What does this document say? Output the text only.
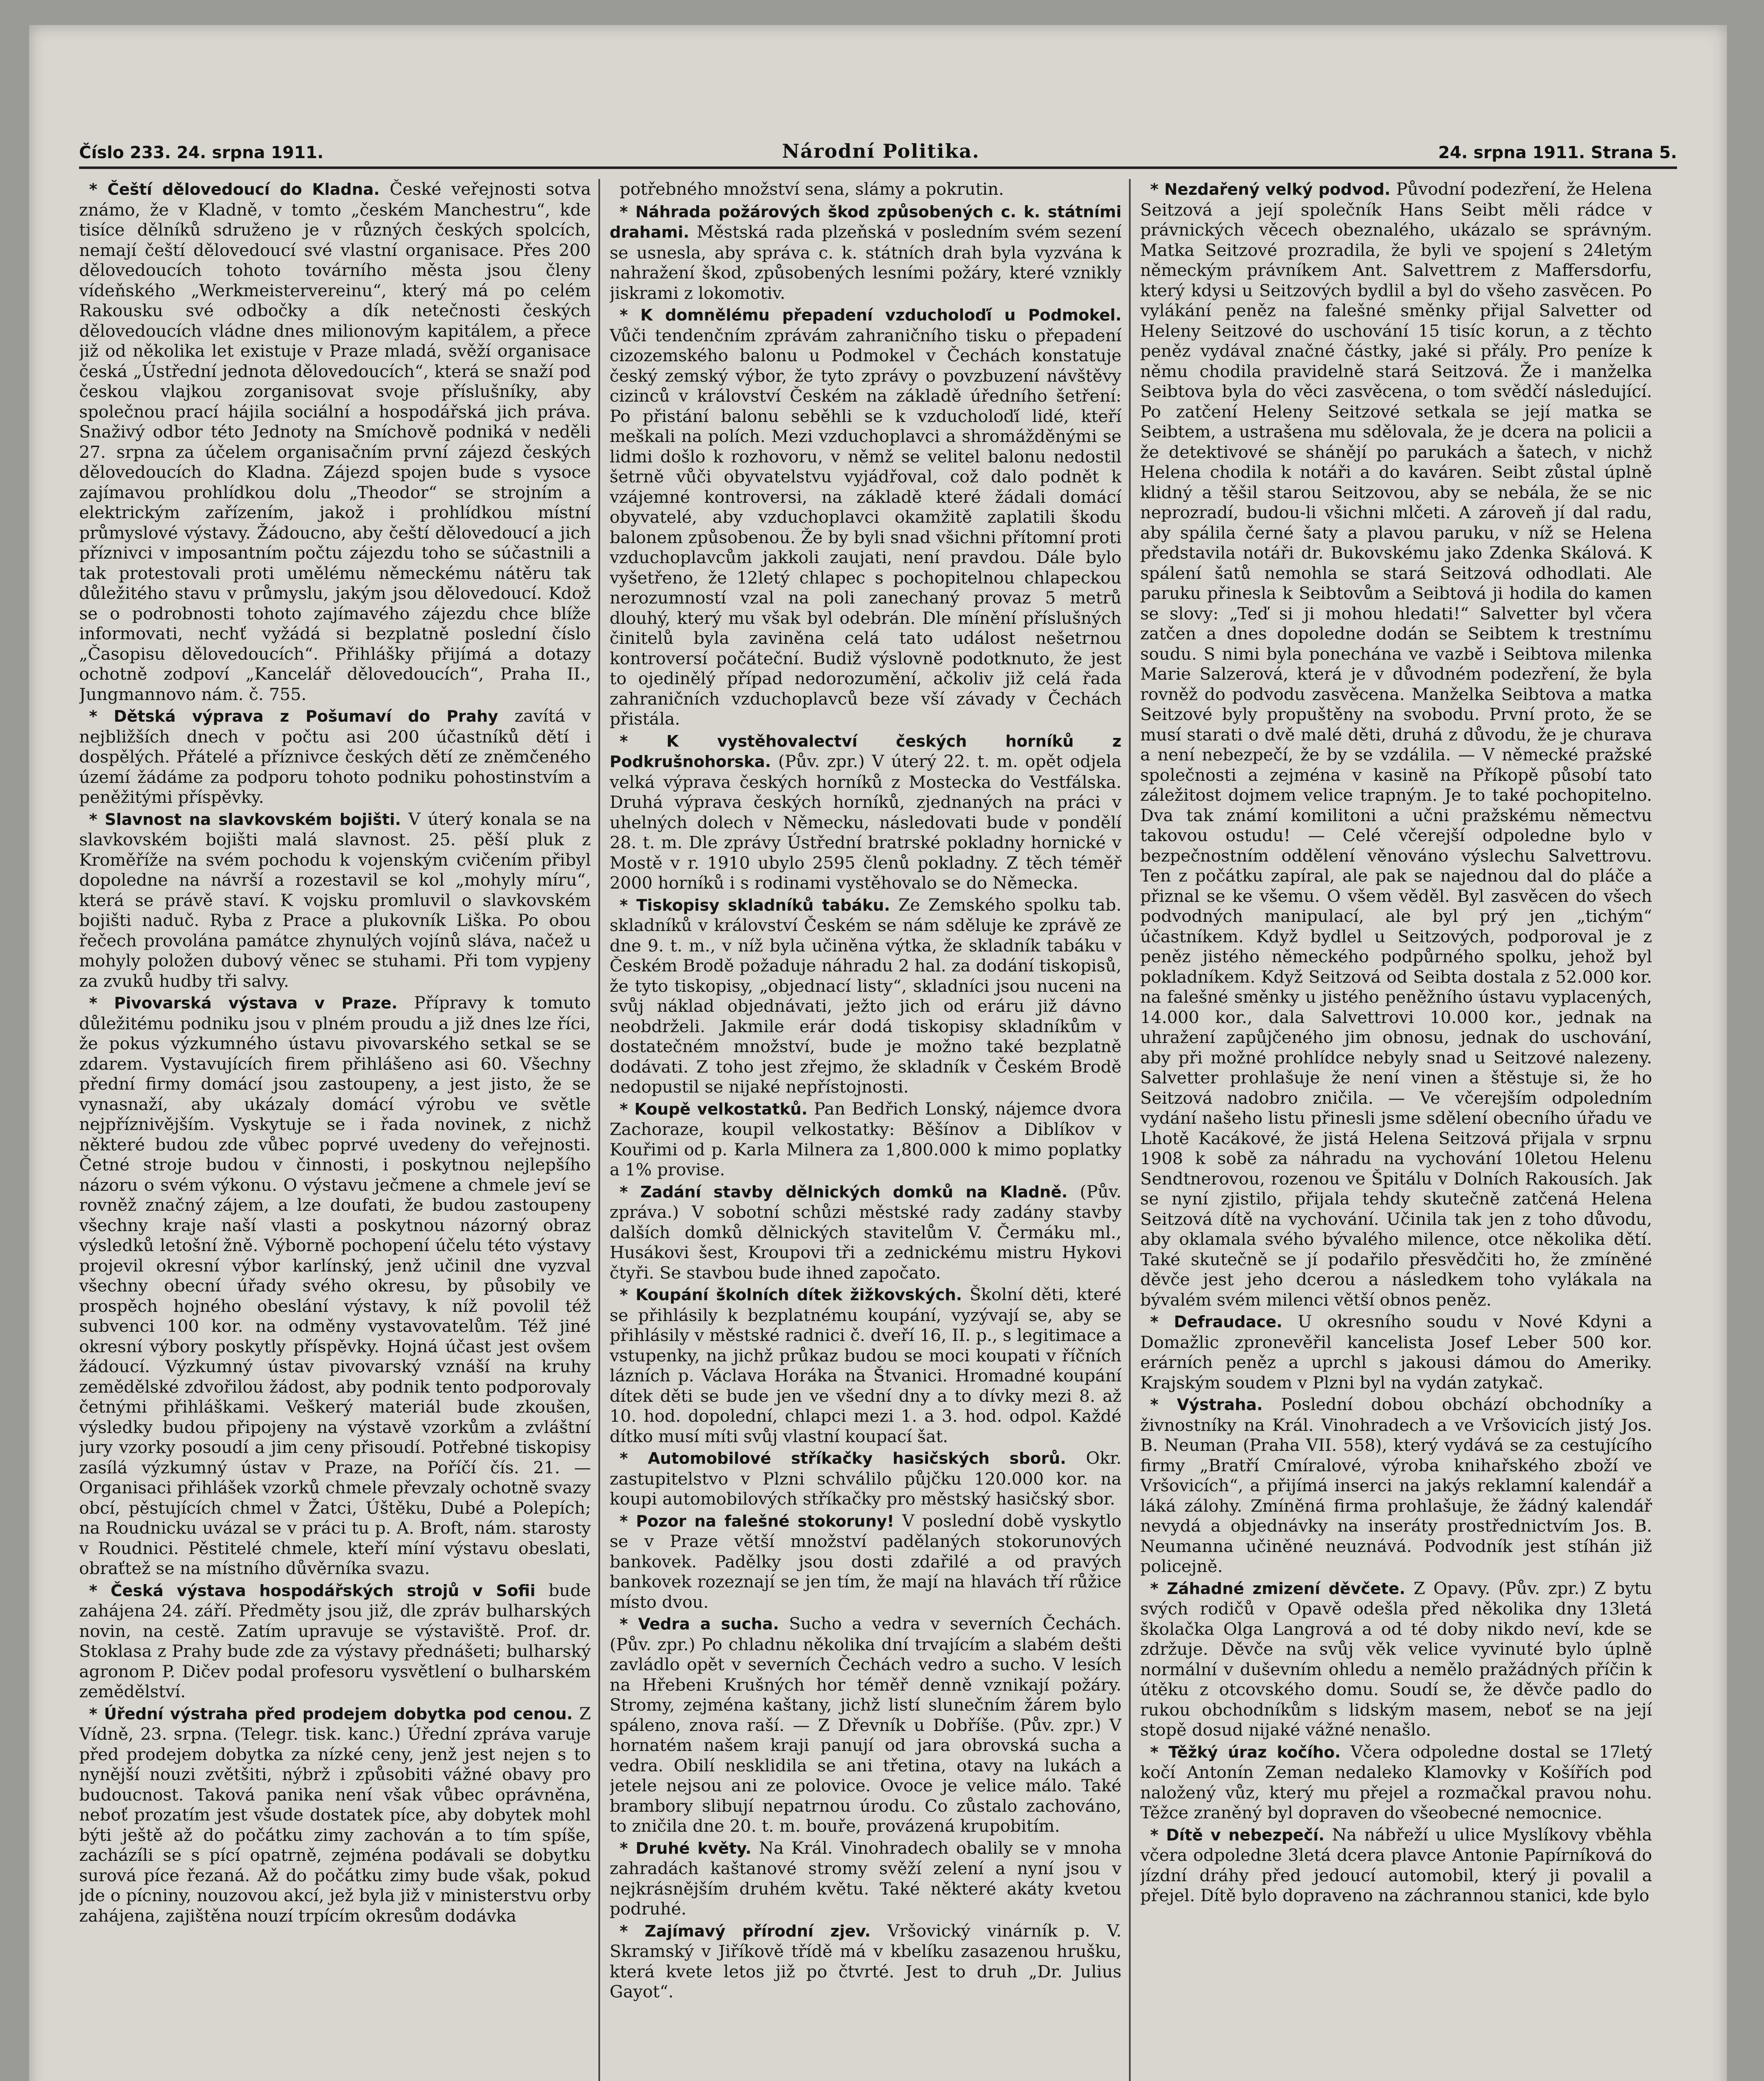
Číslo 233. 24. srpna 1911.	Národní Politika.	24. srpna 1911. Strana 5.

* Čeští dělovedoucí do Kladna. České veřejnosti sotva známo, že v Kladně, v tomto „českém Manchestru“, kde tisíce dělníků sdruženo je v různých českých spolcích, nemají čeští dělovedoucí své vlastní organisace. Přes 200 dělovedoucích tohoto továrního města jsou členy vídeňského „Werkmeistervereinu“, který má po celém Rakousku své odbočky a dík netečnosti českých dělovedoucích vládne dnes milionovým kapitálem, a přece již od několika let existuje v Praze mladá, svěží organisace česká „Ústřední jednota dělovedoucích“, která se snaží pod českou vlajkou zorganisovat svoje příslušníky, aby společnou prací hájila sociální a hospodářská jich práva. Snaživý odbor této Jednoty na Smíchově podniká v neděli 27. srpna za účelem organisačním první zájezd českých dělovedoucích do Kladna. Zájezd spojen bude s vysoce zajímavou prohlídkou dolu „Theodor“ se strojním a elektrickým zařízením, jakož i prohlídkou místní průmyslové výstavy. Žádoucno, aby čeští dělovedoucí a jich příznivci v imposantním počtu zájezdu toho se súčastnili a tak protestovali proti umělému německému nátěru tak důležitého stavu v průmyslu, jakým jsou dělovedoucí. Kdož se o podrobnosti tohoto zajímavého zájezdu chce blíže informovati, nechť vyžádá si bezplatně poslední číslo „Časopisu dělovedoucích“. Přihlášky přijímá a dotazy ochotně zodpoví „Kancelář dělovedoucích“, Praha II., Jungmannovo nám. č. 755.

* Dětská výprava z Pošumaví do Prahy zavítá v nejbližších dnech v počtu asi 200 účastníků dětí i dospělých. Přátelé a příznivce českých dětí ze zněmčeného území žádáme za podporu tohoto podniku pohostinstvím a peněžitými příspěvky.

* Slavnost na slavkovském bojišti. V úterý konala se na slavkovském bojišti malá slavnost. 25. pěší pluk z Kroměříže na svém pochodu k vojenským cvičením přibyl dopoledne na návrší a rozestavil se kol „mohyly míru“, která se právě staví. K vojsku promluvil o slavkovském bojišti naduč. Ryba z Prace a plukovník Liška. Po obou řečech provolána památce zhynulých vojínů sláva, načež u mohyly položen dubový věnec se stuhami. Při tom vypjeny za zvuků hudby tři salvy.

* Pivovarská výstava v Praze. Přípravy k tomuto důležitému podniku jsou v plném proudu a již dnes lze říci, že pokus výzkumného ústavu pivovarského setkal se se zdarem. Vystavujících firem přihlášeno asi 60. Všechny přední firmy domácí jsou zastoupeny, a jest jisto, že se vynasnaží, aby ukázaly domácí výrobu ve světle nejpříznivějším. Vyskytuje se i řada novinek, z nichž některé budou zde vůbec poprvé uvedeny do veřejnosti. Četné stroje budou v činnosti, i poskytnou nejlepšího názoru o svém výkonu. O výstavu ječmene a chmele jeví se rovněž značný zájem, a lze doufati, že budou zastoupeny všechny kraje naší vlasti a poskytnou názorný obraz výsledků letošní žně. Výborně pochopení účelu této výstavy projevil okresní výbor karlínský, jenž učinil dne vyzval všechny obecní úřady svého okresu, by působily ve prospěch hojného obeslání výstavy, k níž povolil též subvenci 100 kor. na odměny vystavovatelům. Též jiné okresní výbory poskytly příspěvky. Hojná účast jest ovšem žádoucí. Výzkumný ústav pivovarský vznáší na kruhy zemědělské zdvořilou žádost, aby podnik tento podporovaly četnými přihláškami. Veškerý materiál bude zkoušen, výsledky budou připojeny na výstavě vzorkům a zvláštní jury vzorky posoudí a jim ceny přisoudí. Potřebné tiskopisy zasílá výzkumný ústav v Praze, na Poříčí čís. 21. — Organisaci přihlášek vzorků chmele převzaly ochotně svazy obcí, pěstujících chmel v Žatci, Úštěku, Dubé a Polepích; na Roudnicku uvázal se v práci tu p. A. Broft, nám. starosty v Roudnici. Pěstitelé chmele, kteří míní výstavu obeslati, obraťtež se na místního důvěrníka svazu.

* Česká výstava hospodářských strojů v Sofii bude zahájena 24. září. Předměty jsou již, dle zpráv bulharských novin, na cestě. Zatím upravuje se výstaviště. Prof. dr. Stoklasa z Prahy bude zde za výstavy přednášeti; bulharský agronom P. Dičev podal profesoru vysvětlení o bulharském zemědělství.

* Úřední výstraha před prodejem dobytka pod cenou. Z Vídně, 23. srpna. (Telegr. tisk. kanc.) Úřední zpráva varuje před prodejem dobytka za nízké ceny, jenž jest nejen s to nynější nouzi zvětšiti, nýbrž i způsobiti vážné obavy pro budoucnost. Taková panika není však vůbec oprávněna, neboť prozatím jest všude dostatek píce, aby dobytek mohl býti ještě až do počátku zimy zachován a to tím spíše, zacházíli se s pící opatrně, zejména podávali se dobytku surová píce řezaná. Až do počátku zimy bude však, pokud jde o pícniny, nouzovou akcí, jež byla již v ministerstvu orby zahájena, zajištěna nouzí trpícím okresům dodávka

potřebného množství sena, slámy a pokrutin.

* Náhrada požárových škod způsobených c. k. státními drahami. Městská rada plzeňská v posledním svém sezení se usnesla, aby správa c. k. státních drah byla vyzvána k nahražení škod, způsobených lesními požáry, které vznikly jiskrami z lokomotiv.

* K domnělému přepadení vzducholoďí u Podmokel. Vůči tendenčním zprávám zahraničního tisku o přepadení cizozemského balonu u Podmokel v Čechách konstatuje český zemský výbor, že tyto zprávy o povzbuzení návštěvy cizinců v království Českém na základě úředního šetření: Po přistání balonu seběhli se k vzducholoďí lidé, kteří meškali na polích. Mezi vzduchoplavci a shromážděnými se lidmi došlo k rozhovoru, v němž se velitel balonu nedostil šetrně vůči obyvatelstvu vyjádřoval, což dalo podnět k vzájemné kontroversi, na základě které žádali domácí obyvatelé, aby vzduchoplavci okamžitě zaplatili škodu balonem způsobenou. Že by byli snad všichni přítomní proti vzduchoplavcům jakkoli zaujati, není pravdou. Dále bylo vyšetřeno, že 12letý chlapec s pochopitelnou chlapeckou nerozumností vzal na poli zanechaný provaz 5 metrů dlouhý, který mu však byl odebrán. Dle mínění příslušných činitelů byla zaviněna celá tato událost nešetrnou kontroversí počáteční. Budiž výslovně podotknuto, že jest to ojedinělý případ nedorozumění, ačkoliv již celá řada zahraničních vzduchoplavců beze vší závady v Čechách přistála.

* K vystěhovalectví českých horníků z Podkrušnohorska. (Pův. zpr.) V úterý 22. t. m. opět odjela velká výprava českých horníků z Mostecka do Vestfálska. Druhá výprava českých horníků, zjednaných na práci v uhelných dolech v Německu, následovati bude v pondělí 28. t. m. Dle zprávy Ústřední bratrské pokladny hornické v Mostě v r. 1910 ubylo 2595 členů pokladny. Z těch téměř 2000 horníků i s rodinami vystěhovalo se do Německa.

* Tiskopisy skladníků tabáku. Ze Zemského spolku tab. skladníků v království Českém se nám sděluje ke zprávě ze dne 9. t. m., v níž byla učiněna výtka, že skladník tabáku v Českém Brodě požaduje náhradu 2 hal. za dodání tiskopisů, že tyto tiskopisy, „objednací listy“, skladníci jsou nuceni na svůj náklad objednávati, ježto jich od eráru již dávno neobdrželi. Jakmile erár dodá tiskopisy skladníkům v dostatečném množství, bude je možno také bezplatně dodávati. Z toho jest zřejmo, že skladník v Českém Brodě nedopustil se nijaké nepřístojnosti.

* Koupě velkostatků. Pan Bedřich Lonský, nájemce dvora Zachoraze, koupil velkostatky: Běšínov a Diblíkov v Kouřimi od p. Karla Milnera za 1,800.000 k mimo poplatky a 1% provise.

* Zadání stavby dělnických domků na Kladně. (Pův. zpráva.) V sobotní schůzi městské rady zadány stavby dalších domků dělnických stavitelům V. Čermáku ml., Husákovi šest, Kroupovi tři a zednickému mistru Hykovi čtyři. Se stavbou bude ihned započato.

* Koupání školních dítek žižkovských. Školní děti, které se přihlásily k bezplatnému koupání, vyzývají se, aby se přihlásily v městské radnici č. dveří 16, II. p., s legitimace a vstupenky, na jichž průkaz budou se moci koupati v říčních lázních p. Václava Horáka na Štvanici. Hromadné koupání dítek děti se bude jen ve všední dny a to dívky mezi 8. až 10. hod. dopolední, chlapci mezi 1. a 3. hod. odpol. Každé dítko musí míti svůj vlastní koupací šat.

* Automobilové stříkačky hasičských sborů. Okr. zastupitelstvo v Plzni schválilo půjčku 120.000 kor. na koupi automobilových stříkačky pro městský hasičský sbor.

* Pozor na falešné stokoruny! V poslední době vyskytlo se v Praze větší množství padělaných stokorunových bankovek. Padělky jsou dosti zdařilé a od pravých bankovek rozeznají se jen tím, že mají na hlavách tří růžice místo dvou.

* Vedra a sucha. Sucho a vedra v severních Čechách. (Pův. zpr.) Po chladnu několika dní trvajícím a slabém dešti zavládlo opět v severních Čechách vedro a sucho. V lesích na Hřebeni Krušných hor téměř denně vznikají požáry. Stromy, zejména kaštany, jichž listí slunečním žárem bylo spáleno, znova raší. — Z Dřevník u Dobříše. (Pův. zpr.) V hornatém našem kraji panují od jara obrovská sucha a vedra. Obilí nesklidila se ani třetina, otavy na lukách a jetele nejsou ani ze polovice. Ovoce je velice málo. Také brambory slibují nepatrnou úrodu. Co zůstalo zachováno, to zničila dne 20. t. m. bouře, provázená krupobitím.

* Druhé květy. Na Král. Vinohradech obalily se v mnoha zahradách kaštanové stromy svěží zelení a nyní jsou v nejkrásnějším druhém květu. Také některé akáty kvetou podruhé.

* Zajímavý přírodní zjev. Vršovický vinárník p. V. Skramský v Jiříkově třídě má v kbelíku zasazenou hrušku, která kvete letos již po čtvrté. Jest to druh „Dr. Julius Gayot“.

* Nezdařený velký podvod. Původní podezření, že Helena Seitzová a její společník Hans Seibt měli rádce v právnických věcech obeznalého, ukázalo se správným. Matka Seitzové prozradila, že byli ve spojení s 24letým německým právníkem Ant. Salvettrem z Maffersdorfu, který kdysi u Seitzových bydlil a byl do všeho zasvěcen. Po vylákání peněz na falešné směnky přijal Salvetter od Heleny Seitzové do uschování 15 tisíc korun, a z těchto peněz vydával značné částky, jaké si přály. Pro peníze k němu chodila pravidelně stará Seitzová. Že i manželka Seibtova byla do věci zasvěcena, o tom svědčí následující. Po zatčení Heleny Seitzové setkala se její matka se Seibtem, a ustrašena mu sdělovala, že je dcera na policii a že detektivové se shánějí po parukách a šatech, v nichž Helena chodila k notáři a do kaváren. Seibt zůstal úplně klidný a těšil starou Seitzovou, aby se nebála, že se nic neprozradí, budou-li všichni mlčeti. A zároveň jí dal radu, aby spálila černé šaty a plavou paruku, v níž se Helena představila notáři dr. Bukovskému jako Zdenka Skálová. K spálení šatů nemohla se stará Seitzová odhodlati. Ale paruku přinesla k Seibtovům a Seibtová ji hodila do kamen se slovy: „Teď si ji mohou hledati!“ Salvetter byl včera zatčen a dnes dopoledne dodán se Seibtem k trestnímu soudu. S nimi byla ponechána ve vazbě i Seibtova milenka Marie Salzerová, která je v důvodném podezření, že byla rovněž do podvodu zasvěcena. Manželka Seibtova a matka Seitzové byly propuštěny na svobodu. První proto, že se musí starati o dvě malé děti, druhá z důvodu, že je churava a není nebezpečí, že by se vzdálila. — V německé pražské společnosti a zejména v kasině na Příkopě působí tato záležitost dojmem velice trapným. Je to také pochopitelno. Dva tak známí komilitoni a učni pražskému němectvu takovou ostudu! — Celé včerejší odpoledne bylo v bezpečnostním oddělení věnováno výslechu Salvettrovu. Ten z počátku zapíral, ale pak se najednou dal do pláče a přiznal se ke všemu. O všem věděl. Byl zasvěcen do všech podvodných manipulací, ale byl prý jen „tichým“ účastníkem. Když bydlel u Seitzových, podporoval je z peněz jistého německého podpůrného spolku, jehož byl pokladníkem. Když Seitzová od Seibta dostala z 52.000 kor. na falešné směnky u jistého peněžního ústavu vyplacených, 14.000 kor., dala Salvettrovi 10.000 kor., jednak na uhražení zapůjčeného jim obnosu, jednak do uschování, aby při možné prohlídce nebyly snad u Seitzové nalezeny. Salvetter prohlašuje že není vinen a štěstuje si, že ho Seitzová nadobro zničila. — Ve včerejším odpoledním vydání našeho listu přinesli jsme sdělení obecního úřadu ve Lhotě Kacákové, že jistá Helena Seitzová přijala v srpnu 1908 k sobě za náhradu na vychování 10letou Helenu Sendtnerovou, rozenou ve Špitálu v Dolních Rakousích. Jak se nyní zjistilo, přijala tehdy skutečně zatčená Helena Seitzová dítě na vychování. Učinila tak jen z toho důvodu, aby oklamala svého bývalého milence, otce několika dětí. Také skutečně se jí podařilo přesvědčiti ho, že zmíněné děvče jest jeho dcerou a následkem toho vylákala na bývalém svém milenci větší obnos peněz.

* Defraudace. U okresního soudu v Nové Kdyni a Domažlic zpronevěřil kancelista Josef Leber 500 kor. erárních peněz a uprchl s jakousi dámou do Ameriky. Krajským soudem v Plzni byl na vydán zatykač.

* Výstraha. Poslední dobou obchází obchodníky a živnostníky na Král. Vinohradech a ve Vršovicích jistý Jos. B. Neuman (Praha VII. 558), který vydává se za cestujícího firmy „Bratří Cmíralové, výroba knihařského zboží ve Vršovicích“, a přijímá inserci na jakýs reklamní kalendář a láká zálohy. Zmíněná firma prohlašuje, že žádný kalendář nevydá a objednávky na inseráty prostřednictvím Jos. B. Neumanna učiněné neuznává. Podvodník jest stíhán již policejně.

* Záhadné zmizení děvčete. Z Opavy. (Pův. zpr.) Z bytu svých rodičů v Opavě odešla před několika dny 13letá školačka Olga Langrová a od té doby nikdo neví, kde se zdržuje. Děvče na svůj věk velice vyvinuté bylo úplně normální v duševním ohledu a nemělo pražádných příčin k útěku z otcovského domu. Soudí se, že děvče padlo do rukou obchodníkům s lidským masem, neboť se na její stopě dosud nijaké vážné nenašlo.

* Těžký úraz kočího. Včera odpoledne dostal se 17letý kočí Antonín Zeman nedaleko Klamovky v Košířích pod naložený vůz, který mu přejel a rozmačkal pravou nohu. Těžce zraněný byl dopraven do všeobecné nemocnice.

* Dítě v nebezpečí. Na nábřeží u ulice Myslíkovy vběhla včera odpoledne 3letá dcera plavce Antonie Papírníková do jízdní dráhy před jedoucí automobil, který ji povalil a přejel. Dítě bylo dopraveno na záchrannou stanici, kde bylo
